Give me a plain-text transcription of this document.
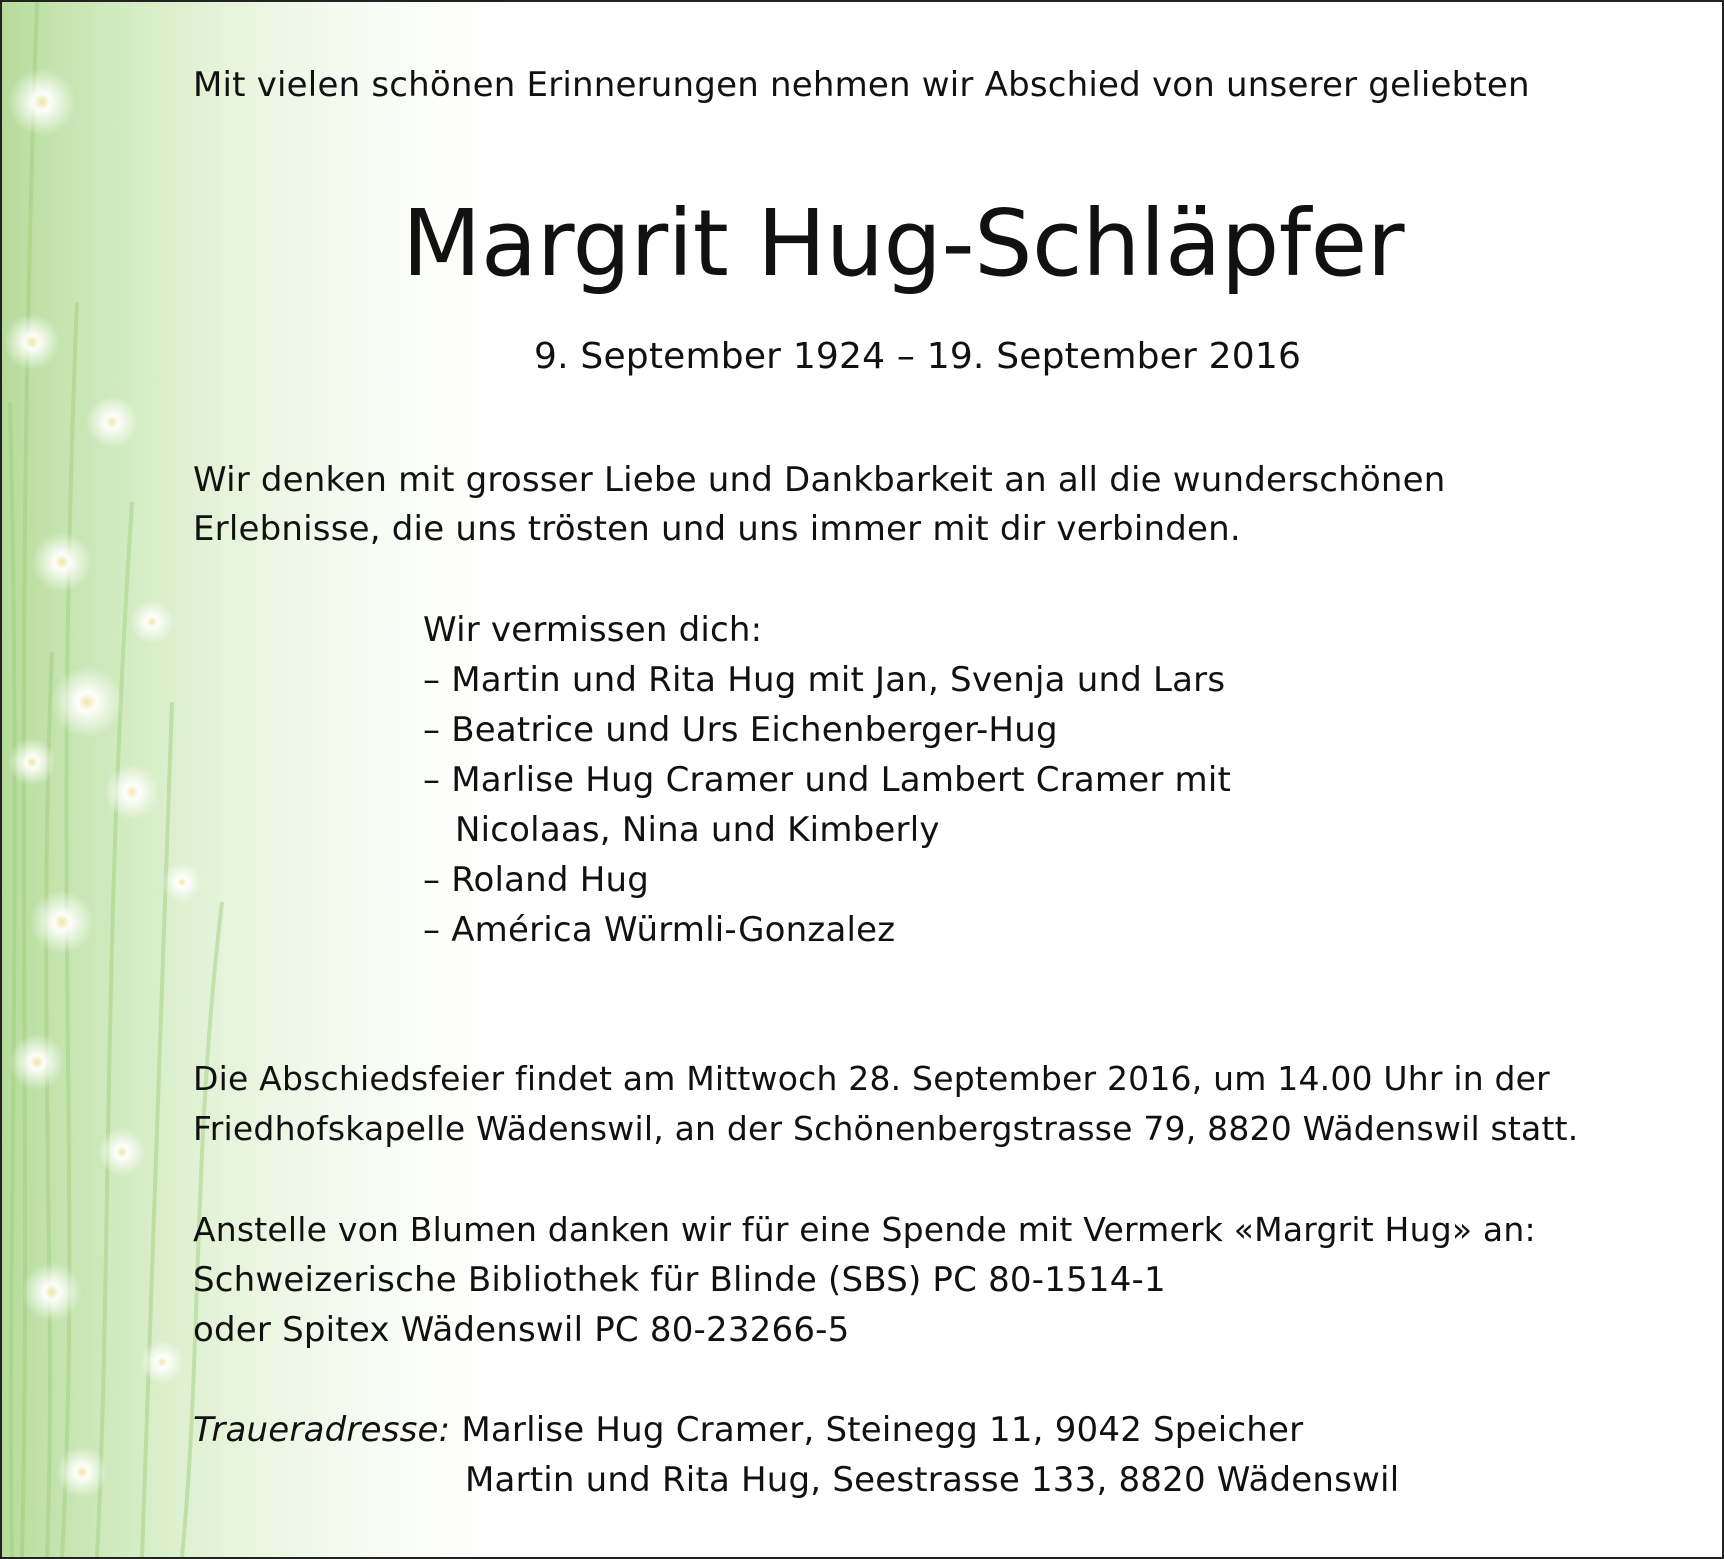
Mit vielen schönen Erinnerungen nehmen wir Abschied von unserer geliebten
Margrit Hug-Schläpfer
9. September 1924 – 19. September 2016
Wir denken mit grosser Liebe und Dankbarkeit an all die wunderschönen
Erlebnisse, die uns trösten und uns immer mit dir verbinden.
Wir vermissen dich:
– Martin und Rita Hug mit Jan, Svenja und Lars
– Beatrice und Urs Eichenberger-Hug
– Marlise Hug Cramer und Lambert Cramer mit
Nicolaas, Nina und Kimberly
– Roland Hug
– América Würmli-Gonzalez
Die Abschiedsfeier findet am Mittwoch 28. September 2016, um 14.00 Uhr in der
Friedhofskapelle Wädenswil, an der Schönenbergstrasse 79, 8820 Wädenswil statt.
Anstelle von Blumen danken wir für eine Spende mit Vermerk «Margrit Hug» an:
Schweizerische Bibliothek für Blinde (SBS) PC 80-1514-1
oder Spitex Wädenswil PC 80-23266-5
Traueradresse: Marlise Hug Cramer, Steinegg 11, 9042 Speicher
Martin und Rita Hug, Seestrasse 133, 8820 Wädenswil
